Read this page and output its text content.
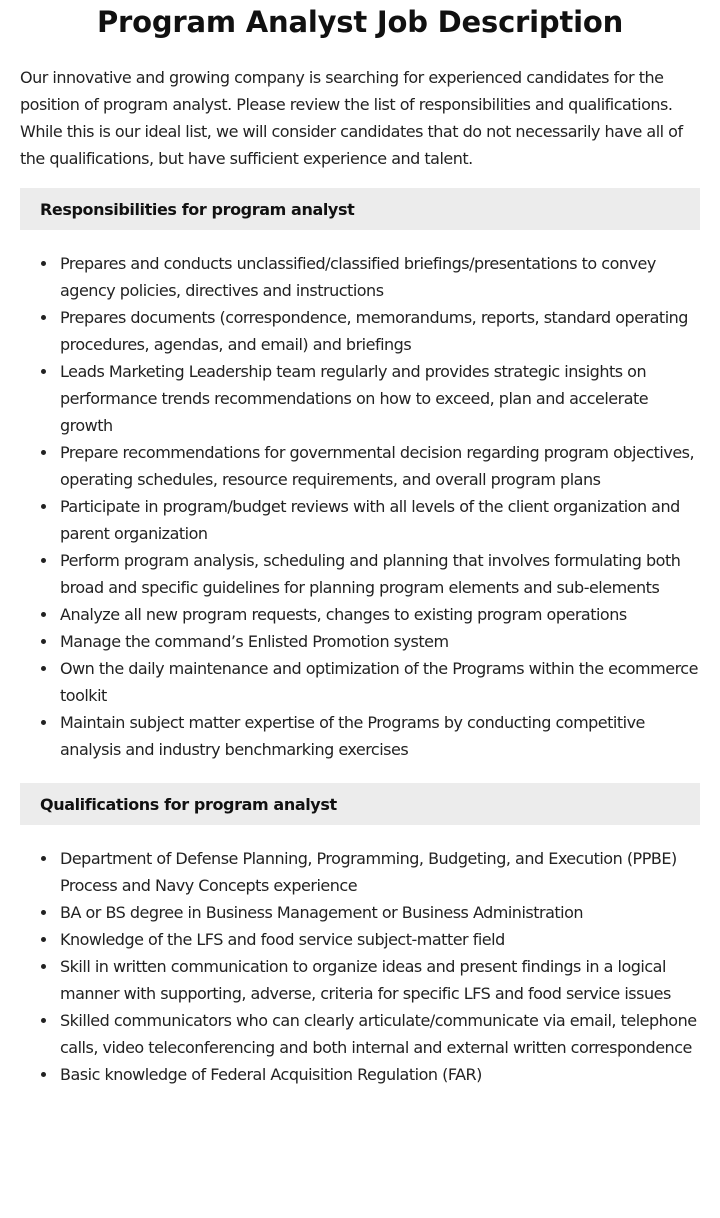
Program Analyst Job Description

Our innovative and growing company is searching for experienced candidates for the position of program analyst. Please review the list of responsibilities and qualifications. While this is our ideal list, we will consider candidates that do not necessarily have all of the qualifications, but have sufficient experience and talent.

Responsibilities for program analyst
Prepares and conducts unclassified/classified briefings/presentations to convey agency policies, directives and instructions
Prepares documents (correspondence, memorandums, reports, standard operating procedures, agendas, and email) and briefings
Leads Marketing Leadership team regularly and provides strategic insights on performance trends recommendations on how to exceed, plan and accelerate growth
Prepare recommendations for governmental decision regarding program objectives, operating schedules, resource requirements, and overall program plans
Participate in program/budget reviews with all levels of the client organization and parent organization
Perform program analysis, scheduling and planning that involves formulating both broad and specific guidelines for planning program elements and sub-elements
Analyze all new program requests, changes to existing program operations
Manage the command’s Enlisted Promotion system
Own the daily maintenance and optimization of the Programs within the ecommerce toolkit
Maintain subject matter expertise of the Programs by conducting competitive analysis and industry benchmarking exercises
Qualifications for program analyst
Department of Defense Planning, Programming, Budgeting, and Execution (PPBE) Process and Navy Concepts experience
BA or BS degree in Business Management or Business Administration
Knowledge of the LFS and food service subject-matter field
Skill in written communication to organize ideas and present findings in a logical manner with supporting, adverse, criteria for specific LFS and food service issues
Skilled communicators who can clearly articulate/communicate via email, telephone calls, video teleconferencing and both internal and external written correspondence
Basic knowledge of Federal Acquisition Regulation (FAR)
